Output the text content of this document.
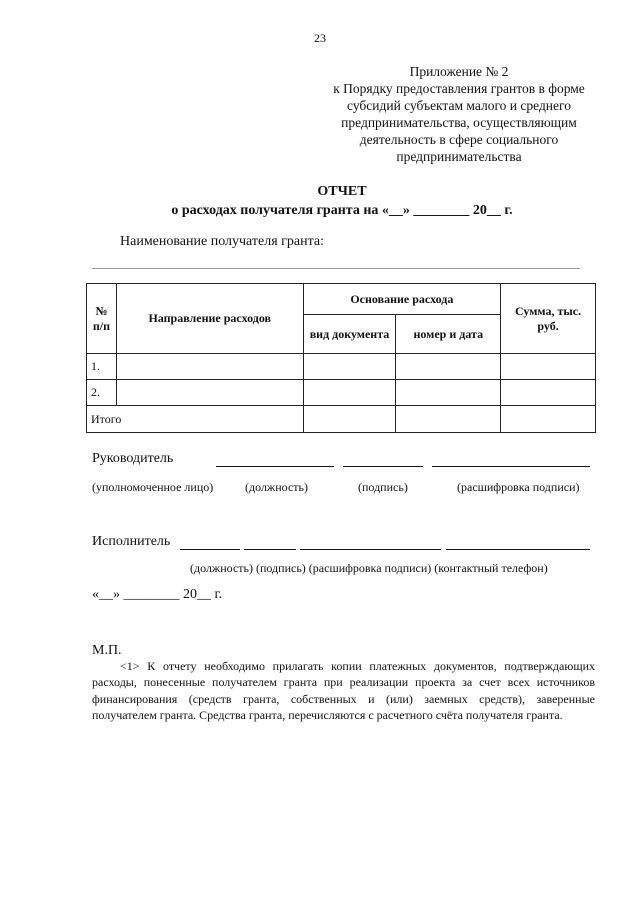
23
Приложение № 2
к Порядку предоставления грантов в форме
субсидий субъектам малого и среднего
предпринимательства, осуществляющим
деятельность в сфере социального
предпринимательства
ОТЧЕТ
о расходах получателя гранта на «__» ________ 20__ г.
Наименование получателя гранта:
№ п/п	Направление расходов	Основание расхода		Сумма, тыс. руб.
		вид документа	номер и дата	
1.				
2.				
Итого				
Руководитель
(уполномоченное лицо)	(должность)	(подпись)	(расшифровка подписи)
Исполнитель
(должность) (подпись) (расшифровка подписи) (контактный телефон)
«__» ________ 20__ г.
М.П.
<1> К отчету необходимо прилагать копии платежных документов, подтверждающих расходы, понесенные получателем гранта при реализации проекта за счет всех источников финансирования (средств гранта, собственных и (или) заемных средств), заверенные получателем гранта. Средства гранта, перечисляются с расчетного счёта получателя гранта.
